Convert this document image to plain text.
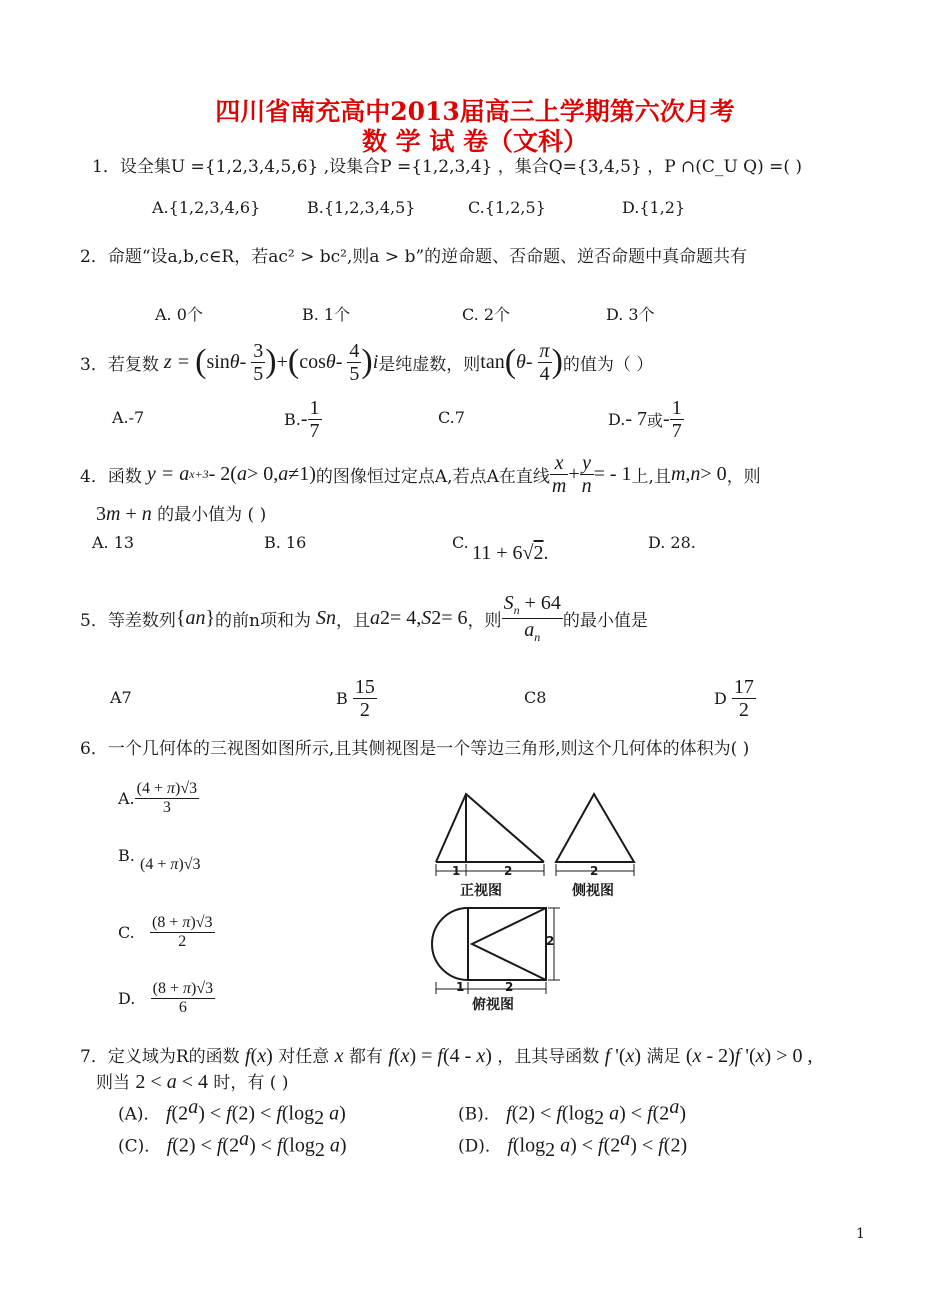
四川省南充高中2013届高三上学期第六次月考
数 学 试 卷（文科）
1．设全集U ={1,2,3,4,5,6} ,设集合P ={1,2,3,4} ，集合Q={3,4,5} ，P ∩(C_U Q) =( )
A.{1,2,3,4,6}	B.{1,2,3,4,5}	C.{1,2,5}	D.{1,2}
2．命题“设a,b,c∈R，若ac² > bc²,则a > b”的逆命题、否命题、逆否命题中真命题共有
A. 0个	B. 1个	C. 2个	D. 3个
3．若复数 z = ( sin θ - $\frac{3}{5}$ ) + ( cos θ - $\frac{4}{5}$ ) i 是纯虚数，则 tan ( θ - $\frac{\pi}{4}$ ) 的值为（ ）
A.-7	B. - $\frac{1}{7}$	C.7	D. - 7 或 - $\frac{1}{7}$
4．函数 y = a x+3 - 2( a > 0, a ≠1) 的图像恒过定点A,若点A在直线 $\frac{x}{m} + \frac{y}{n}$ = - 1 上,且 m , n > 0 ，则
3m + n 的最小值为 ( )
A. 13	B. 16	C. 11 + 6√2.	D. 28.
5．等差数列 { a n } 的前n项和为 S n ，且 a 2 = 4, S 2 = 6 ，则 $\frac{S_n + 64}{a_n}$ 的最小值是
A7	B
$\frac{15}{2}$	C8	D
$\frac{17}{2}$
6．一个几何体的三视图如图所示,且其侧视图是一个等边三角形,则这个几何体的体积为( )
A. $\frac{(4 + \pi)√3}{3}$
B. (4 + π)√3
C.
$\frac{(8 + \pi)√3}{2}$
D.
$\frac{(8 + \pi)√3}{6}$
1	2
正视图
2
侧视图
1	2
2
俯视图
7．定义域为R的函数 f(x) 对任意 x 都有 f(x) = f(4 - x) ，且其导函数 f '(x) 满足 (x - 2)f '(x) > 0 ,
则当 2 < a < 4 时，有 ( )
(A)． $f(2^a) < f(2) < f(\log_2$ a)	(B)． $f(2) < f(\log_2$ $a) < f(2^a)$
(C)． $f(2) < f(2^a) < f(\log_2$ a)	(D)． $f(\log_2$ $a) < f(2^a) < f(2)$
1
